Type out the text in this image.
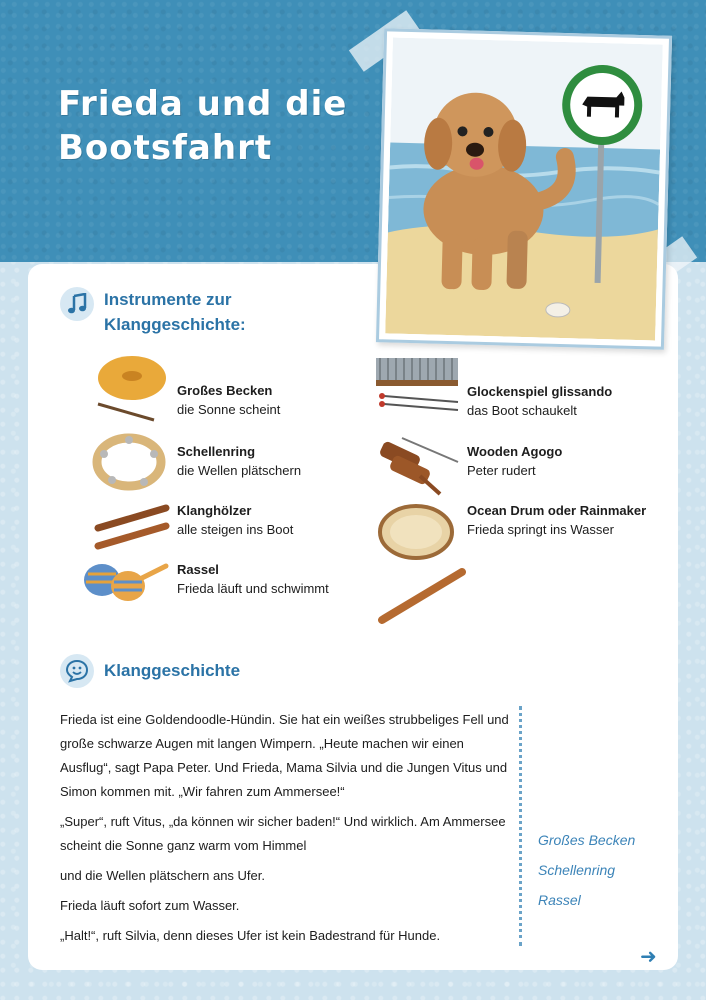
Frieda und die
Bootsfahrt
Instrumente zur
Klanggeschichte:
Großes Becken
die Sonne scheint
Schellenring
die Wellen plätschern
Klanghölzer
alle steigen ins Boot
Rassel
Frieda läuft und schwimmt
Glockenspiel glissando
das Boot schaukelt
Wooden Agogo
Peter rudert
Ocean Drum oder Rainmaker
Frieda springt ins Wasser
Klanggeschichte

Frieda ist eine Goldendoodle-Hündin. Sie hat ein weißes strubbeliges Fell und große schwarze Augen mit langen Wimpern. „Heute machen wir einen Ausflug“, sagt Papa Peter. Und Frieda, Mama Silvia und die Jungen Vitus und Simon kommen mit. „Wir fahren zum Ammersee!“

„Super“, ruft Vitus, „da können wir sicher baden!“ Und wirklich. Am Ammersee scheint die Sonne ganz warm vom Himmel

und die Wellen plätschern ans Ufer.

Frieda läuft sofort zum Wasser.

„Halt!“, ruft Silvia, denn dieses Ufer ist kein Badestrand für Hunde.

Großes Becken
Schellenring
Rassel
➜
